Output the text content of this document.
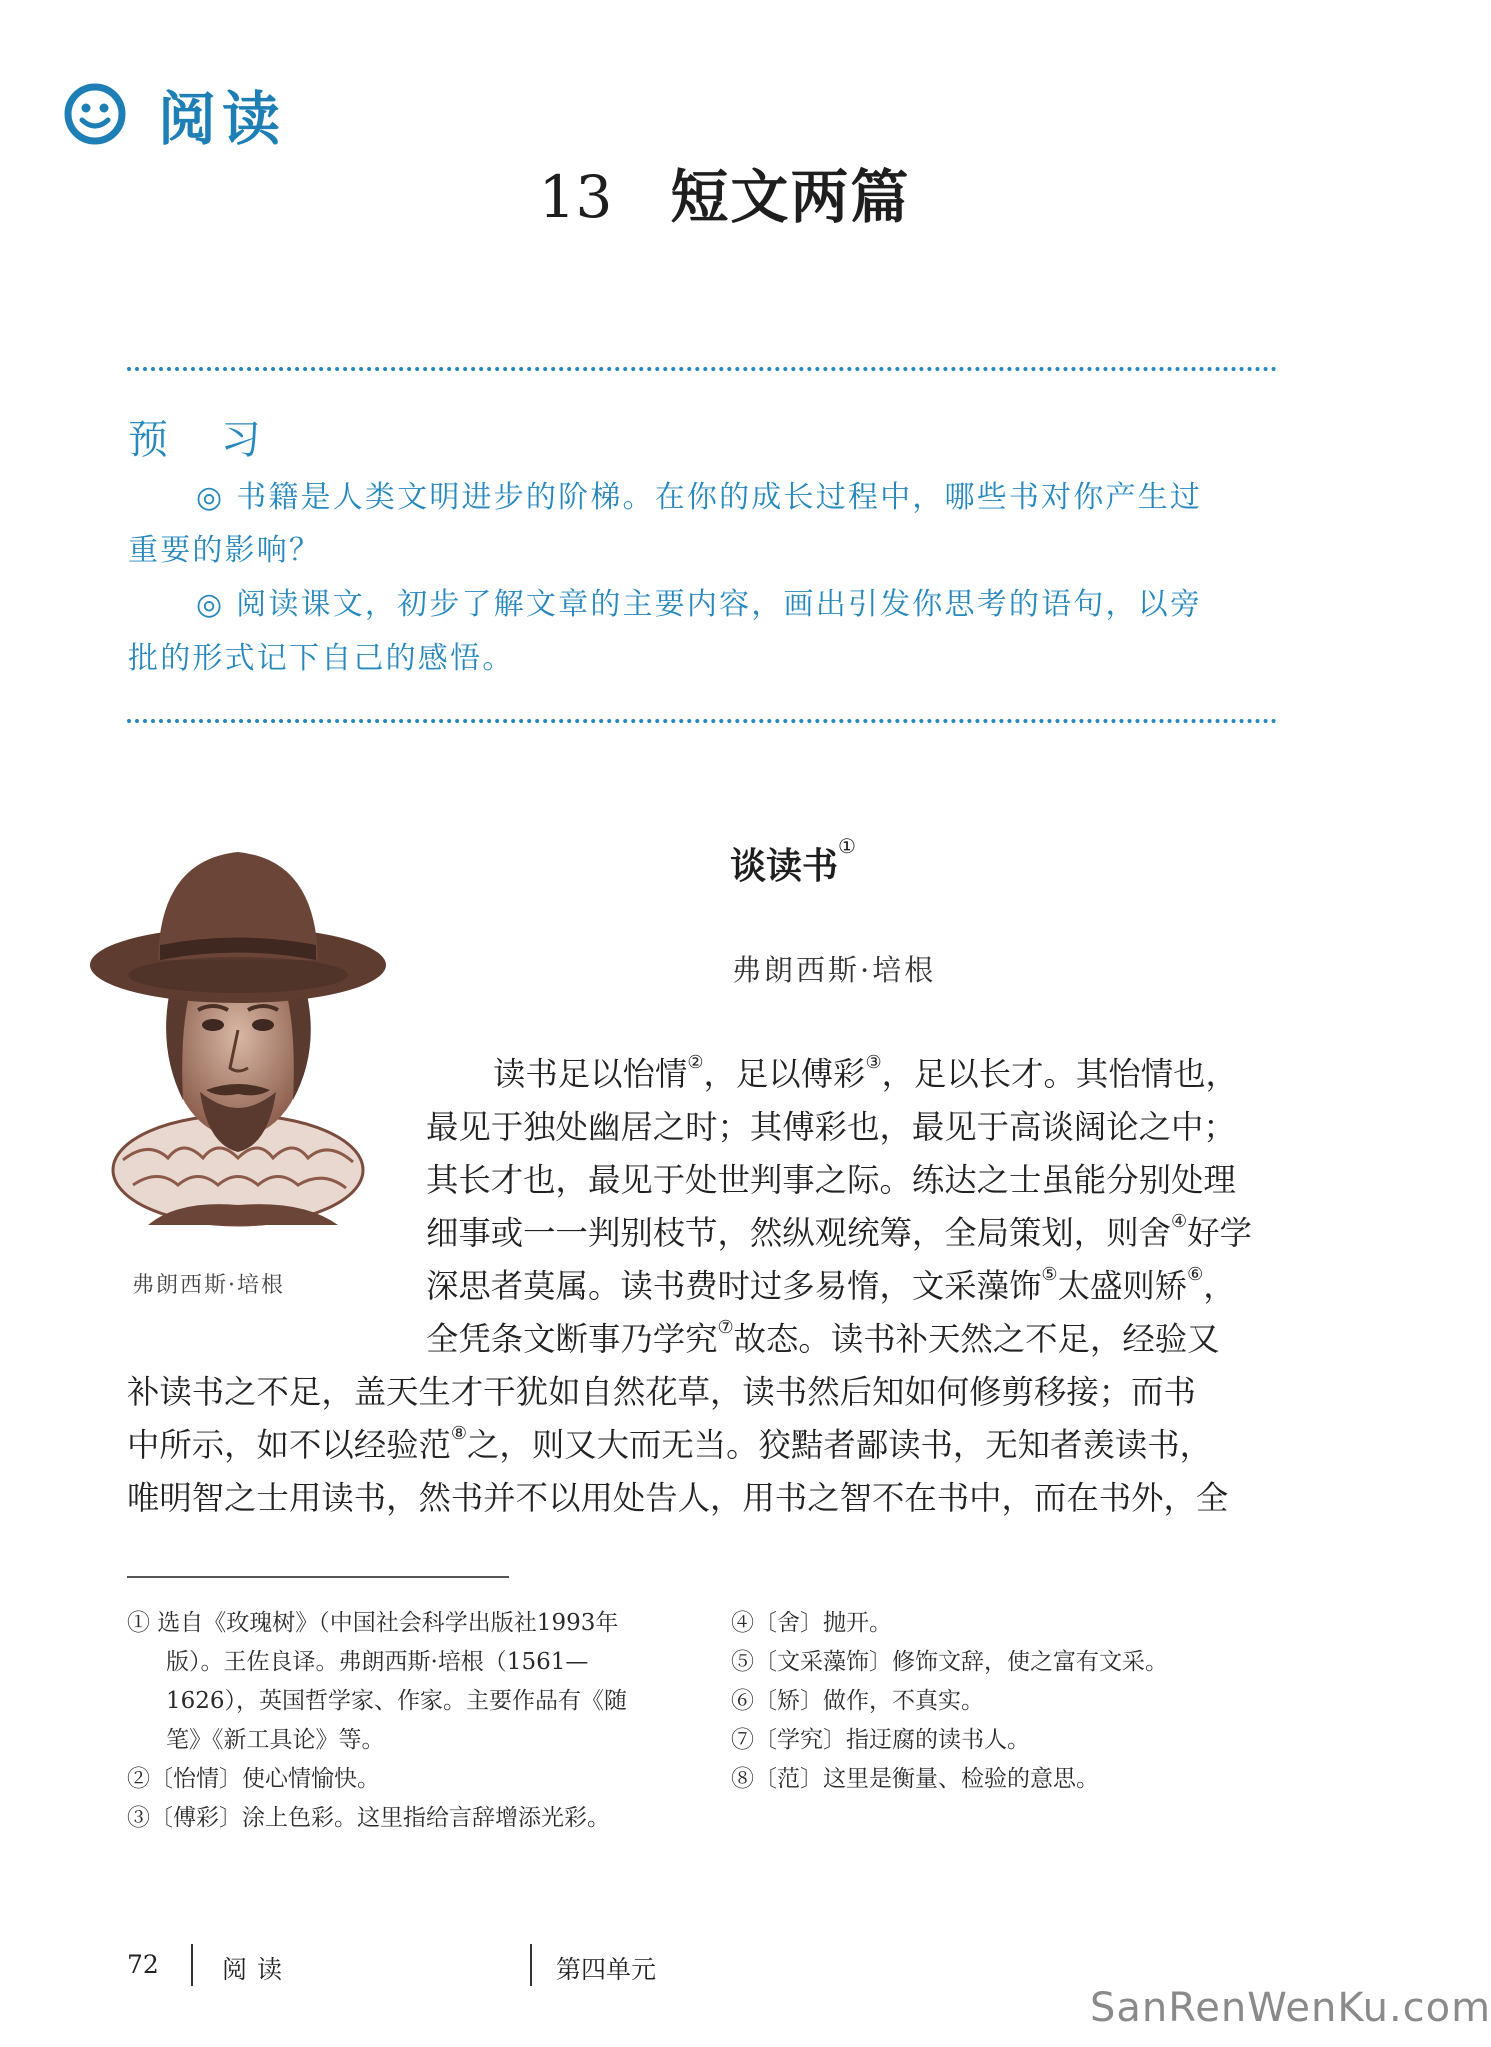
阅读
13 短文两篇
预 习
◎ 书籍是人类文明进步的阶梯。在你的成长过程中，哪些书对你产生过
重要的影响？
◎ 阅读课文，初步了解文章的主要内容，画出引发你思考的语句，以旁
批的形式记下自己的感悟。
弗朗西斯·培根
谈读书①
弗朗西斯·培根
读书足以怡情②，足以傅彩③，足以长才。其怡情也，
最见于独处幽居之时；其傅彩也，最见于高谈阔论之中；
其长才也，最见于处世判事之际。练达之士虽能分别处理
细事或一一判别枝节，然纵观统筹，全局策划，则舍④好学
深思者莫属。读书费时过多易惰，文采藻饰⑤太盛则矫⑥，
全凭条文断事乃学究⑦故态。读书补天然之不足，经验又
补读书之不足，盖天生才干犹如自然花草，读书然后知如何修剪移接；而书
中所示，如不以经验范⑧之，则又大而无当。狡黠者鄙读书，无知者羡读书，
唯明智之士用读书，然书并不以用处告人，用书之智不在书中，而在书外，全
① 选自《玫瑰树》（中国社会科学出版社1993年
版）。王佐良译。弗朗西斯·培根（1561—
1626），英国哲学家、作家。主要作品有《随
笔》《新工具论》等。
②〔怡情〕使心情愉快。
③〔傅彩〕涂上色彩。这里指给言辞增添光彩。
④〔舍〕抛开。
⑤〔文采藻饰〕修饰文辞，使之富有文采。
⑥〔矫〕做作，不真实。
⑦〔学究〕指迂腐的读书人。
⑧〔范〕这里是衡量、检验的意思。
72	阅读	第四单元
SanRenWenKu.com
